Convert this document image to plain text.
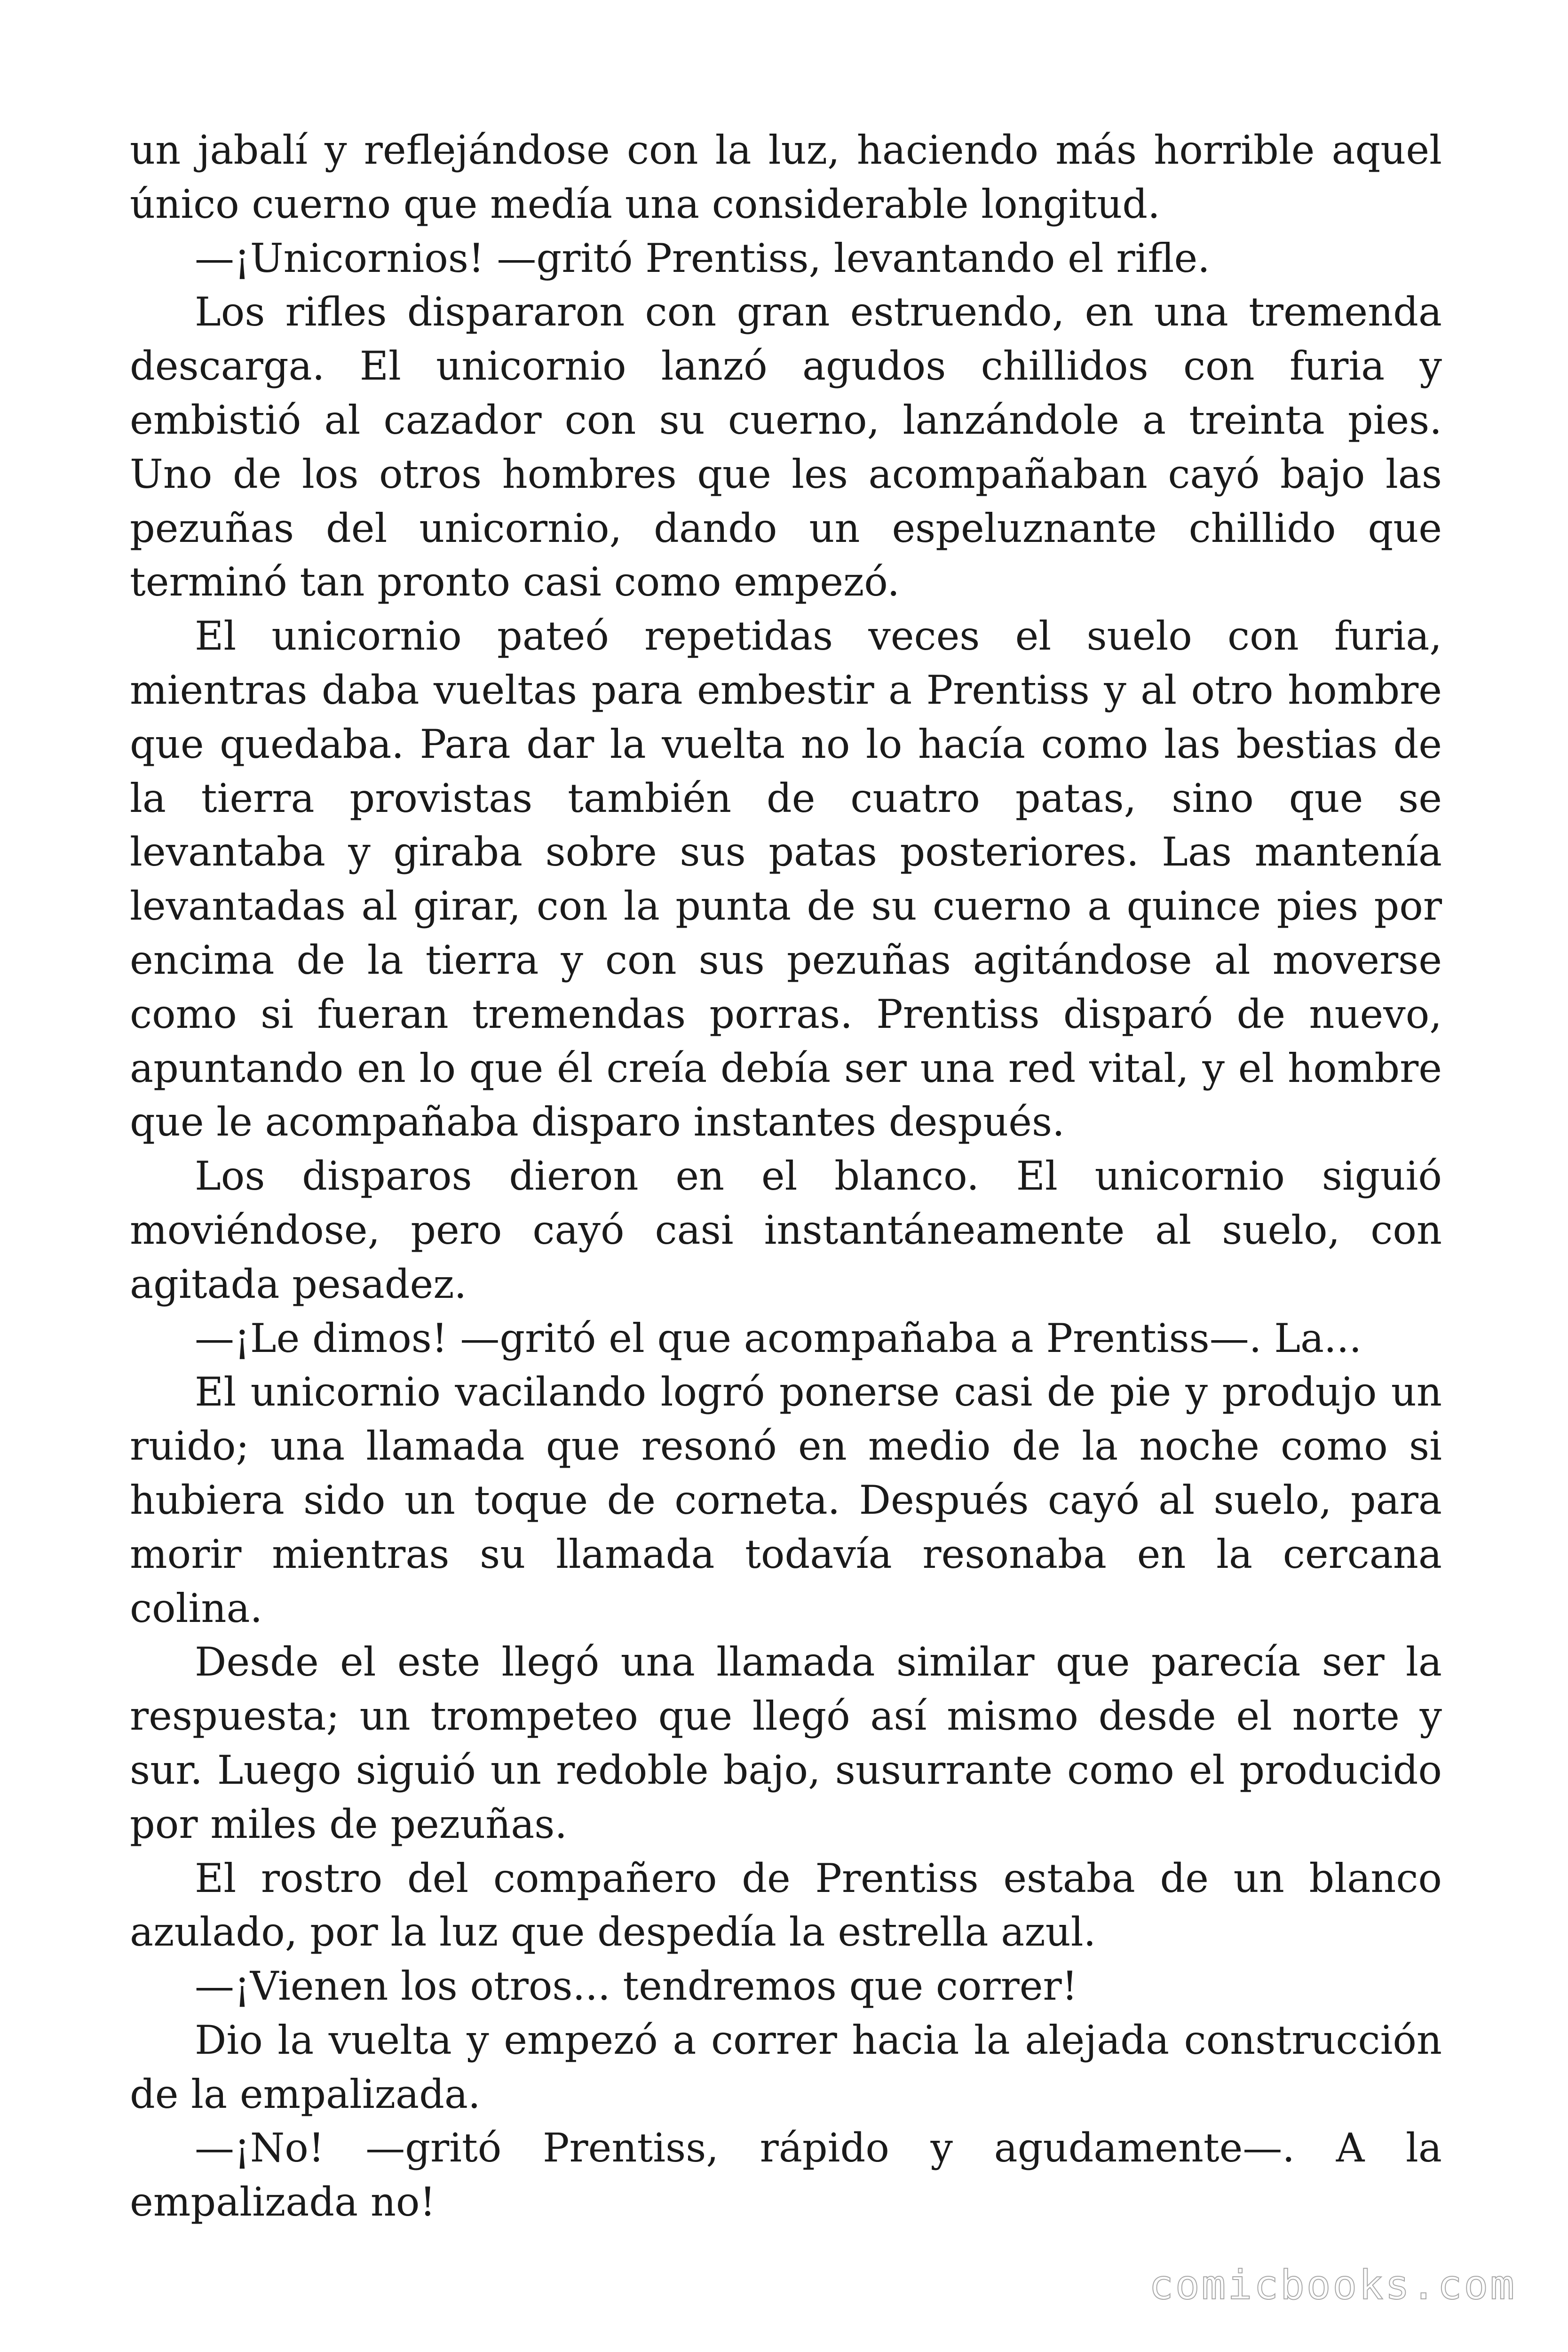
un jabalí y reflejándose con la luz, haciendo más horrible aquel único cuerno que medía una considerable longitud.

—¡Unicornios! —gritó Prentiss, levantando el rifle.

Los rifles dispararon con gran estruendo, en una tremenda descarga. El unicornio lanzó agudos chillidos con furia y embistió al cazador con su cuerno, lanzándole a treinta pies. Uno de los otros hombres que les acompañaban cayó bajo las pezuñas del unicornio, dando un espeluznante chillido que terminó tan pronto casi como empezó.

El unicornio pateó repetidas veces el suelo con furia, mientras daba vueltas para embestir a Prentiss y al otro hombre que quedaba. Para dar la vuelta no lo hacía como las bestias de la tierra provistas también de cuatro patas, sino que se levantaba y giraba sobre sus patas posteriores. Las mantenía levantadas al girar, con la punta de su cuerno a quince pies por encima de la tierra y con sus pezuñas agitándose al moverse como si fueran tremendas porras. Prentiss disparó de nuevo, apuntando en lo que él creía debía ser una red vital, y el hombre que le acompañaba disparo instantes después.

Los disparos dieron en el blanco. El unicornio siguió moviéndose, pero cayó casi instantáneamente al suelo, con agitada pesadez.

—¡Le dimos! —gritó el que acompañaba a Prentiss—. La...

El unicornio vacilando logró ponerse casi de pie y produjo un ruido; una llamada que resonó en medio de la noche como si hubiera sido un toque de corneta. Después cayó al suelo, para morir mientras su llamada todavía resonaba en la cercana colina.

Desde el este llegó una llamada similar que parecía ser la respuesta; un trompeteo que llegó así mismo desde el norte y sur. Luego siguió un redoble bajo, susurrante como el producido por miles de pezuñas.

El rostro del compañero de Prentiss estaba de un blanco azulado, por la luz que despedía la estrella azul.

—¡Vienen los otros... tendremos que correr!

Dio la vuelta y empezó a correr hacia la alejada construcción de la empalizada.

—¡No! —gritó Prentiss, rápido y agudamente—. A la empalizada no!

comicbooks.com
